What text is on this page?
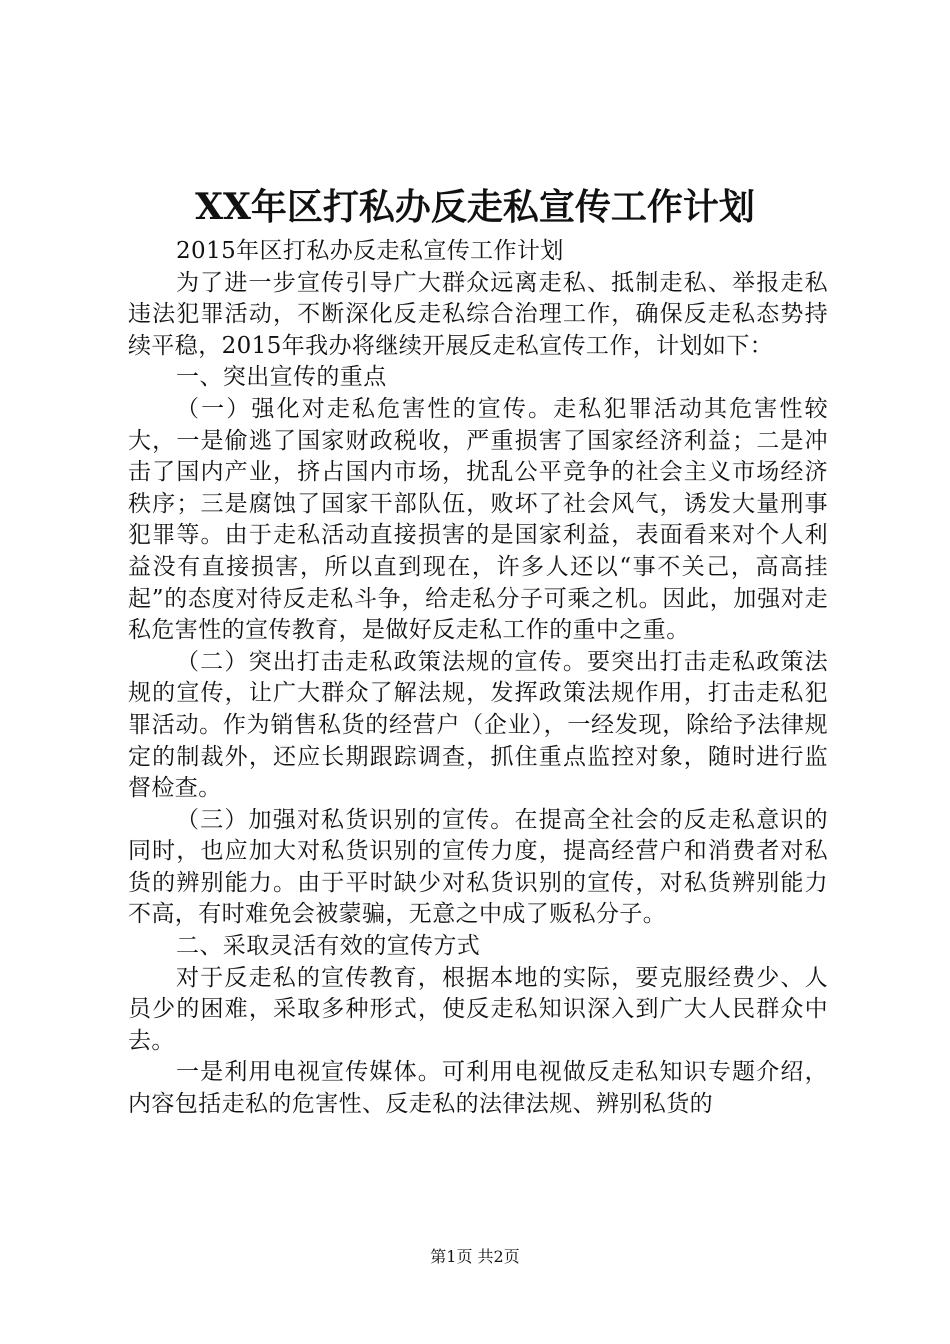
XX年区打私办反走私宣传工作计划

2015年区打私办反走私宣传工作计划

为了进一步宣传引导广大群众远离走私、抵制走私、举报走私违法犯罪活动，不断深化反走私综合治理工作，确保反走私态势持续平稳，2015年我办将继续开展反走私宣传工作，计划如下：

一、突出宣传的重点

（一）强化对走私危害性的宣传。走私犯罪活动其危害性较大，一是偷逃了国家财政税收，严重损害了国家经济利益；二是冲击了国内产业，挤占国内市场，扰乱公平竞争的社会主义市场经济秩序；三是腐蚀了国家干部队伍，败坏了社会风气，诱发大量刑事犯罪等。由于走私活动直接损害的是国家利益，表面看来对个人利益没有直接损害，所以直到现在，许多人还以“事不关己，高高挂起”的态度对待反走私斗争，给走私分子可乘之机。因此，加强对走私危害性的宣传教育，是做好反走私工作的重中之重。

（二）突出打击走私政策法规的宣传。要突出打击走私政策法规的宣传，让广大群众了解法规，发挥政策法规作用，打击走私犯罪活动。作为销售私货的经营户（企业），一经发现，除给予法律规定的制裁外，还应长期跟踪调查，抓住重点监控对象，随时进行监督检查。

（三）加强对私货识别的宣传。在提高全社会的反走私意识的同时，也应加大对私货识别的宣传力度，提高经营户和消费者对私货的辨别能力。由于平时缺少对私货识别的宣传，对私货辨别能力不高，有时难免会被蒙骗，无意之中成了贩私分子。

二、采取灵活有效的宣传方式

对于反走私的宣传教育，根据本地的实际，要克服经费少、人员少的困难，采取多种形式，使反走私知识深入到广大人民群众中去。

一是利用电视宣传媒体。可利用电视做反走私知识专题介绍，内容包括走私的危害性、反走私的法律法规、辨别私货的

第1页 共2页
